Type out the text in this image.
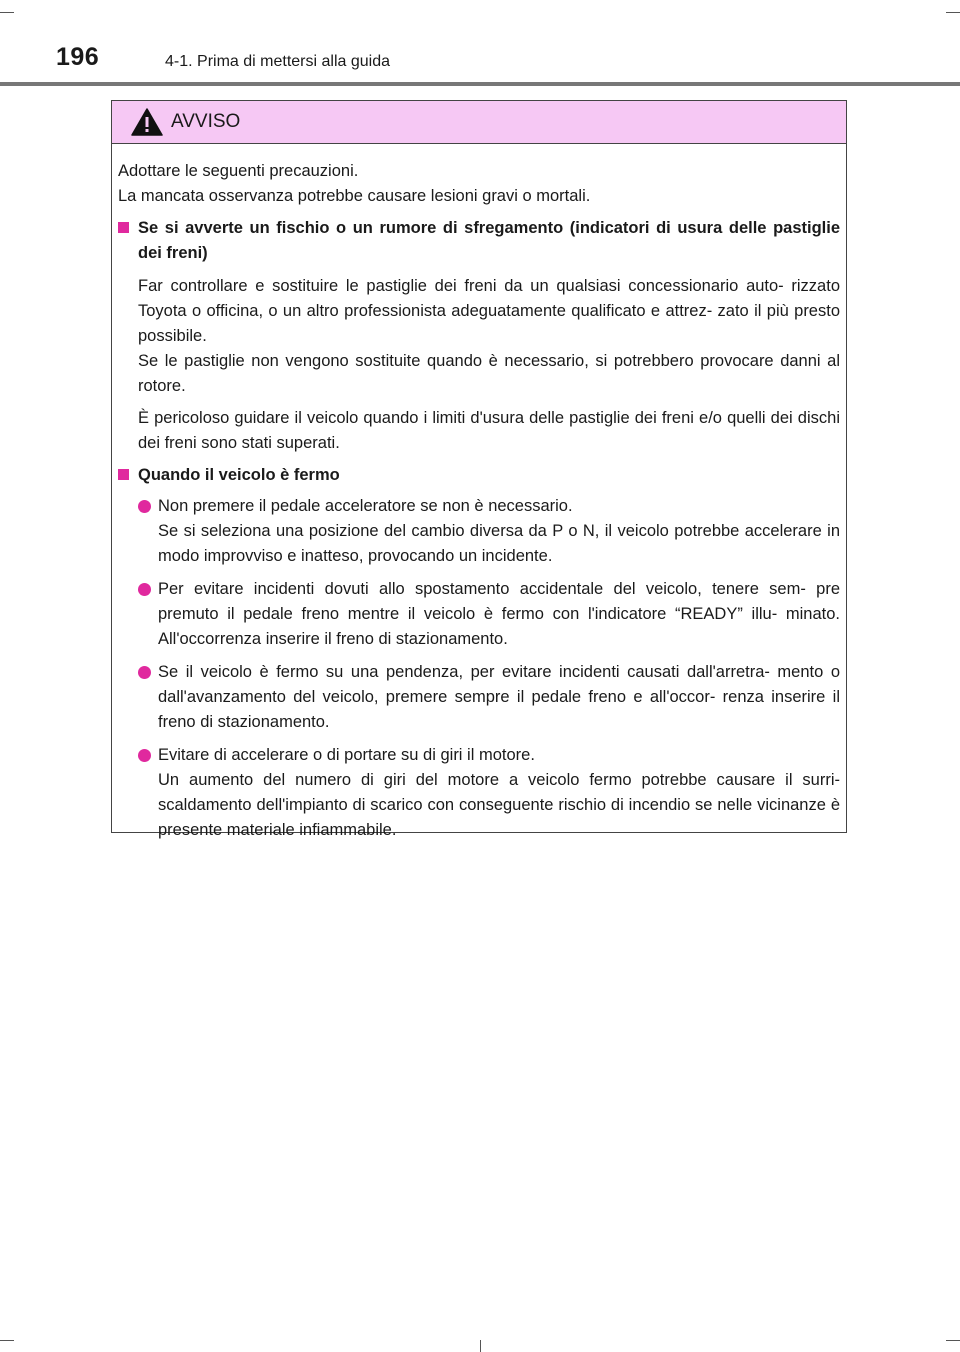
196	4-1. Prima di mettersi alla guida
AVVISO
Adottare le seguenti precauzioni.
La mancata osservanza potrebbe causare lesioni gravi o mortali.
Se si avverte un fischio o un rumore di sfregamento (indicatori di usura delle pastiglie dei freni)

Far controllare e sostituire le pastiglie dei freni da un qualsiasi concessionario auto- rizzato Toyota o officina, o un altro professionista adeguatamente qualificato e attrez- zato il più presto possibile.

Se le pastiglie non vengono sostituite quando è necessario, si potrebbero provocare danni al rotore.

È pericoloso guidare il veicolo quando i limiti d'usura delle pastiglie dei freni e/o quelli dei dischi dei freni sono stati superati.

Quando il veicolo è fermo

Non premere il pedale acceleratore se non è necessario.

Se si seleziona una posizione del cambio diversa da P o N, il veicolo potrebbe accelerare in modo improvviso e inatteso, provocando un incidente.

Per evitare incidenti dovuti allo spostamento accidentale del veicolo, tenere sem- pre premuto il pedale freno mentre il veicolo è fermo con l'indicatore “READY” illu- minato. All'occorrenza inserire il freno di stazionamento.

Se il veicolo è fermo su una pendenza, per evitare incidenti causati dall'arretra- mento o dall'avanzamento del veicolo, premere sempre il pedale freno e all'occor- renza inserire il freno di stazionamento.

Evitare di accelerare o di portare su di giri il motore.

Un aumento del numero di giri del motore a veicolo fermo potrebbe causare il surri- scaldamento dell'impianto di scarico con conseguente rischio di incendio se nelle vicinanze è presente materiale infiammabile.
